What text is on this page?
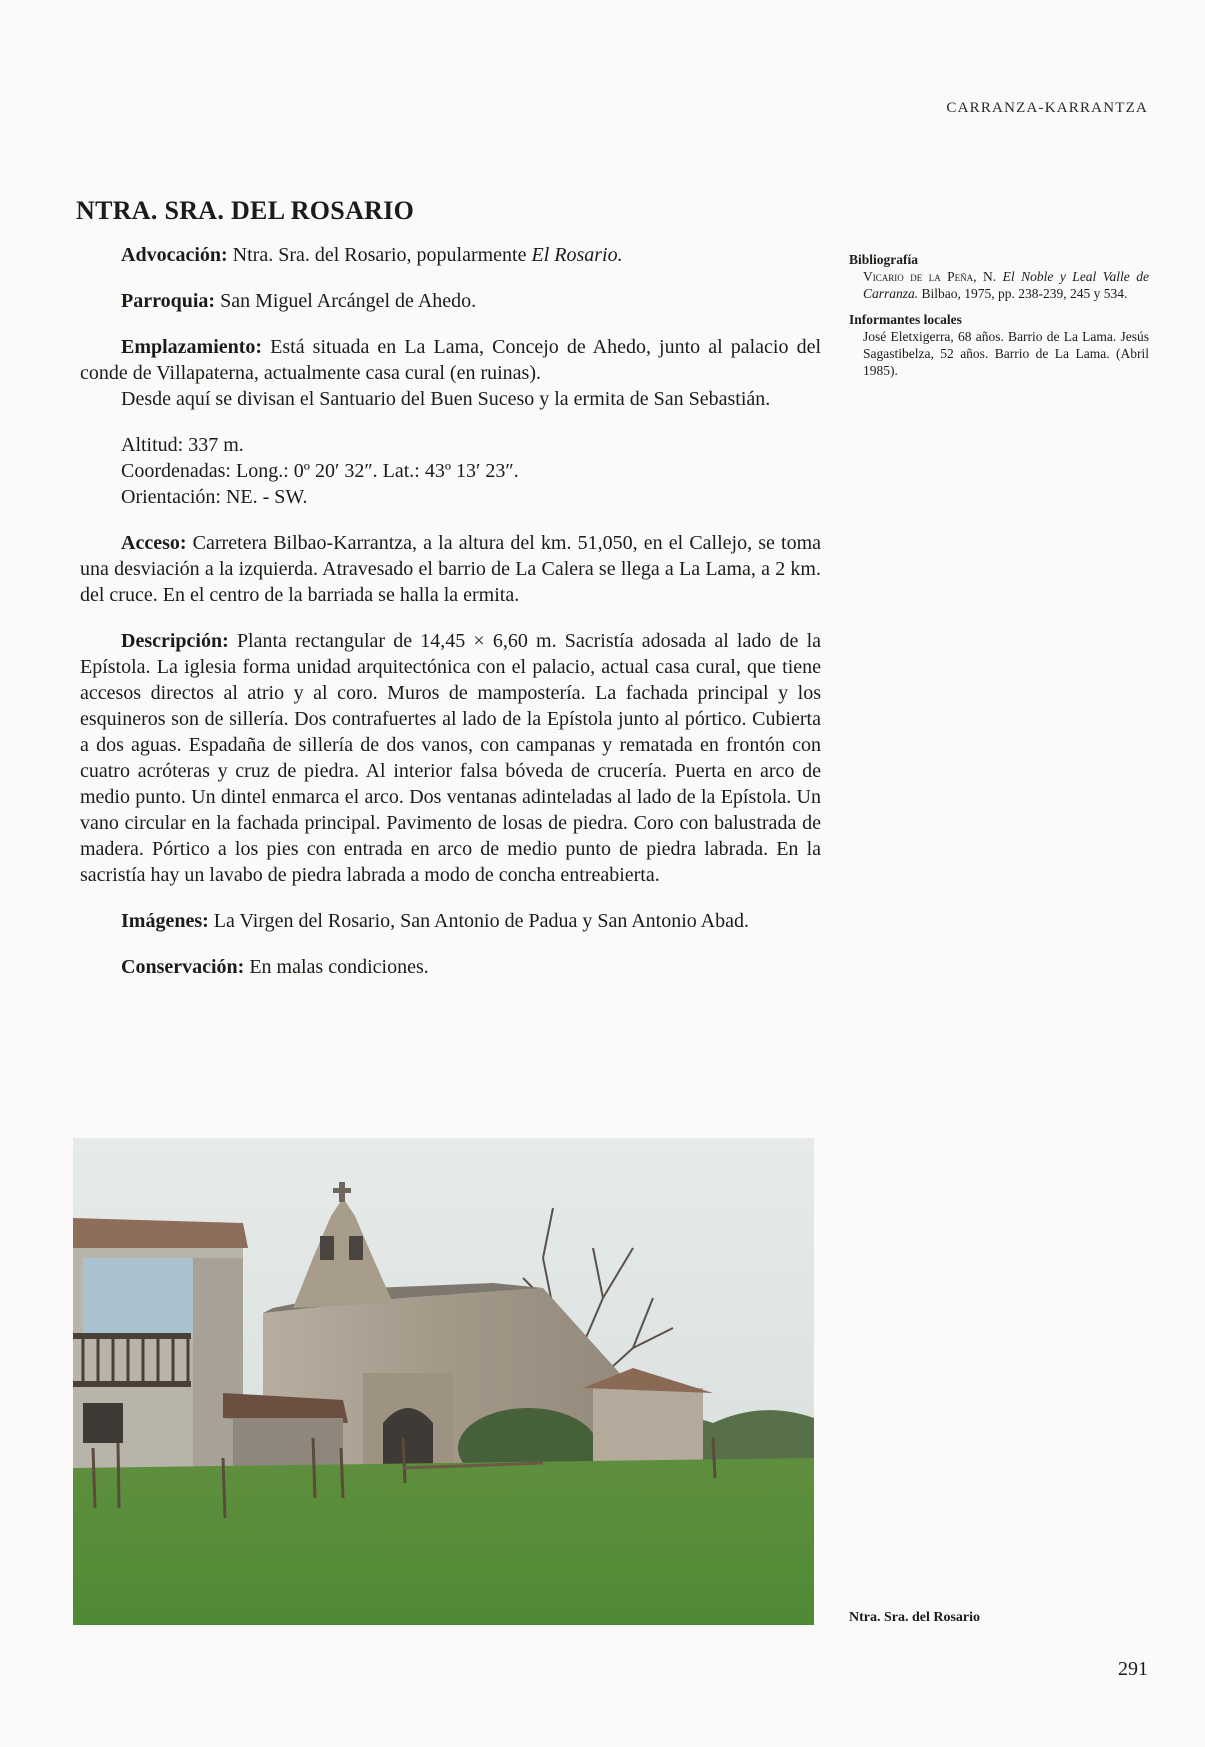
CARRANZA-KARRANTZA
NTRA. SRA. DEL ROSARIO

Advocación: Ntra. Sra. del Rosario, popularmente El Rosario.

Parroquia: San Miguel Arcángel de Ahedo.

Emplazamiento: Está situada en La Lama, Concejo de Ahedo, junto al palacio del conde de Villapaterna, actualmente casa cural (en ruinas).

Desde aquí se divisan el Santuario del Buen Suceso y la ermita de San Sebastián.

Altitud: 337 m.
Coordenadas: Long.: 0º 20′ 32″. Lat.: 43º 13′ 23″.
Orientación: NE. - SW.

Acceso: Carretera Bilbao-Karrantza, a la altura del km. 51,050, en el Callejo, se toma una desviación a la izquierda. Atravesado el barrio de La Calera se llega a La Lama, a 2 km. del cruce. En el centro de la barriada se halla la ermita.

Descripción: Planta rectangular de 14,45 × 6,60 m. Sacristía adosada al lado de la Epístola. La iglesia forma unidad arquitectónica con el palacio, actual casa cural, que tiene accesos directos al atrio y al coro. Muros de mampostería. La fachada principal y los esquineros son de sillería. Dos contrafuertes al lado de la Epístola junto al pórtico. Cubierta a dos aguas. Espadaña de sillería de dos vanos, con campanas y rematada en frontón con cuatro acróteras y cruz de piedra. Al interior falsa bóveda de crucería. Puerta en arco de medio punto. Un dintel enmarca el arco. Dos ventanas adinteladas al lado de la Epístola. Un vano circular en la fachada principal. Pavimento de losas de piedra. Coro con balustrada de madera. Pórtico a los pies con entrada en arco de medio punto de piedra labrada. En la sacristía hay un lavabo de piedra labrada a modo de concha entreabierta.

Imágenes: La Virgen del Rosario, San Antonio de Padua y San Antonio Abad.

Conservación: En malas condiciones.

Bibliografía
Vicario de la Peña, N. El Noble y Leal Valle de Carranza. Bilbao, 1975, pp. 238-239, 245 y 534.
Informantes locales
José Eletxigerra, 68 años. Barrio de La Lama. Jesús Sagastibelza, 52 años. Barrio de La Lama. (Abril 1985).
Ntra. Sra. del Rosario
291
